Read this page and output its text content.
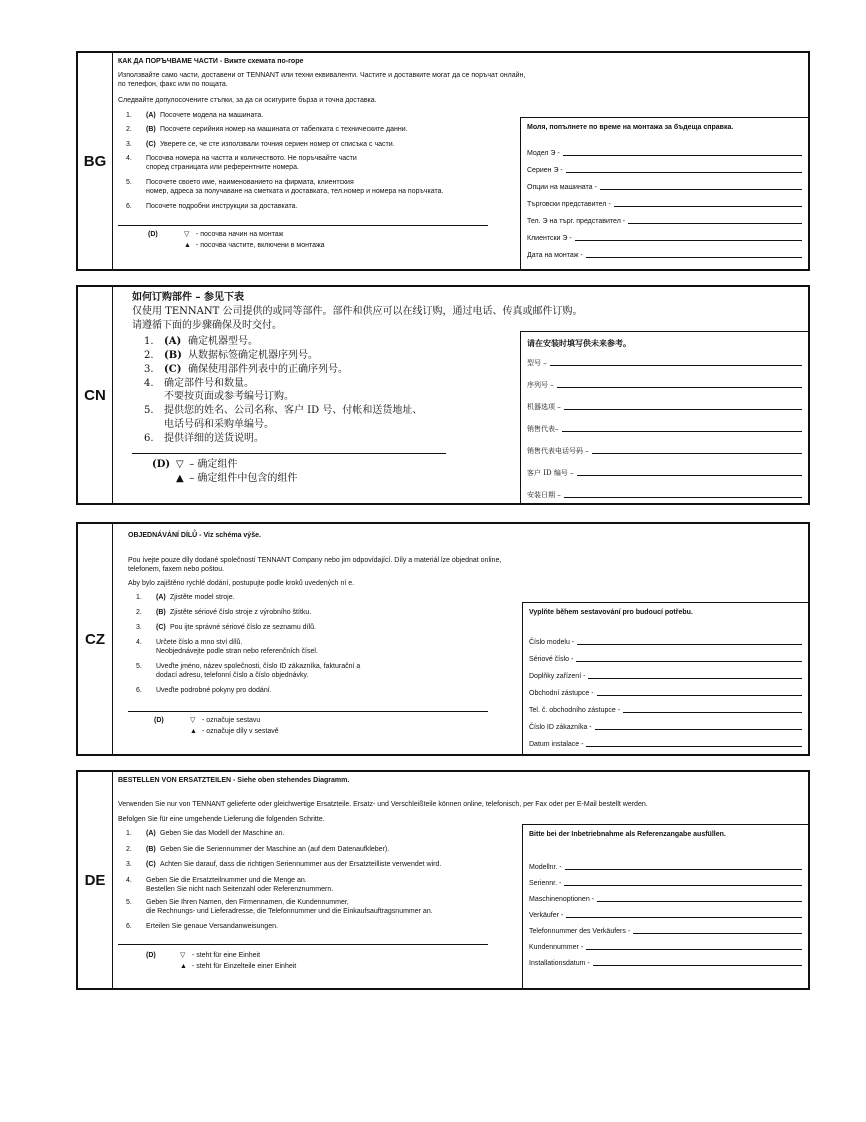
BG
КАК ДА ПОРЪЧВАМЕ ЧАСТИ - Вижте схемата по-горе
Използвайте само части, доставени от TENNANT или техни еквиваленти. Частите и доставките могат да се поръчат онлайн,
по телефон, факс или по пощата.
Следвайте допулосочените стъпки, за да си осигурите бърза и точна доставка.
1. (A) Посочете модела на машината.
2. (B) Посочете серийния номер на машината от табелката с техническите данни.
3. (C) Уверете се, че сте използвали точния сериен номер от списъка с части.
4. Посочва номера на частта и количеството. Не поръчвайте части
според страницата или референтните номера.
5. Посочете своето име, наименованието на фирмата, клиентския
номер, адреса за получаване на сметката и доставката, тел.номер и номера на поръчката.
6. Посочете подробни инструкции за доставката.
(D)	▽ - посочва начин на монтаж
▲ - посочва частите, включени в монтажа
Моля, попълнете по време на монтажа за бъдеща справка.
Модел Э -
Сериен Э -
Опции на машината -
Търговски представител -
Тел. Э на търг. представител -
Клиентски Э -
Дата на монтаж -
CN
如何订购部件 – 参见下表
仅使用 TENNANT 公司提供的或同等部件。部件和供应可以在线订购，通过电话、传真或邮件订购。
请遵循下面的步骤确保及时交付。
1. (A) 确定机器型号。
2. (B) 从数据标签确定机器序列号。
3. (C) 确保使用部件列表中的正确序列号。
4. 确定部件号和数量。
不要按页面或参考编号订购。
5. 提供您的姓名、公司名称、客户 ID 号、付帐和送货地址、
电话号码和采购单编号。
6. 提供详细的送货说明。
(D) ▽ – 确定组件
▲ – 确定组件中包含的组件
请在安装时填写供未来参考。
型号 –
序列号 –
机器选项 –
销售代表–
销售代表电话号码 –
客户 ID 编号 –
安装日期 –
CZ
OBJEDNÁVÁNÍ DÍLŮ - Viz schéma výše.
Pou ívejte pouze díly dodané společností TENNANT Company nebo jim odpovídající. Díly a materiál lze objednat online,
telefonem, faxem nebo poštou.
Aby bylo zajištěno rychlé dodání, postupujte podle kroků uvedených ní e.
1. (A) Zjistěte model stroje.
2. (B) Zjistěte sériové číslo stroje z výrobního štítku.
3. (C) Pou ijte správné sériové číslo ze seznamu dílů.
4. Určete číslo a mno ství dílů.
Neobjednávejte podle stran nebo referenčních čísel.
5. Uveďte jméno, název společnosti, číslo ID zákazníka, fakturační a
dodací adresu, telefonní číslo a číslo objednávky.
6. Uveďte podrobné pokyny pro dodání.
(D)	▽ - označuje sestavu
▲ - označuje díly v sestavě
Vyplňte během sestavování pro budoucí potřebu.
Číslo modelu -
Sériové číslo -
Doplňky zařízení -
Obchodní zástupce -
Tel. č. obchodního zástupce -
Číslo ID zákazníka -
Datum instalace -
DE
BESTELLEN VON ERSATZTEILEN - Siehe oben stehendes Diagramm.
Verwenden Sie nur von TENNANT gelieferte oder gleichwertige Ersatzteile. Ersatz- und Verschleißteile können online, telefonisch, per Fax oder per E-Mail bestellt werden.
Befolgen Sie für eine umgehende Lieferung die folgenden Schritte.
1. (A) Geben Sie das Modell der Maschine an.
2. (B) Geben Sie die Seriennummer der Maschine an (auf dem Datenaufkleber).
3. (C) Achten Sie darauf, dass die richtigen Seriennummer aus der Ersatzteilliste verwendet wird.
4. Geben Sie die Ersatzteilnummer und die Menge an.
Bestellen Sie nicht nach Seitenzahl oder Referenznummern.
5. Geben Sie Ihren Namen, den Firmennamen, die Kundennummer,
die Rechnungs- und Lieferadresse, die Telefonnummer und die Einkaufsauftragsnummer an.
6. Erteilen Sie genaue Versandanweisungen.
(D)	▽ - steht für eine Einheit
▲ - steht für Einzelteile einer Einheit
Bitte bei der Inbetriebnahme als Referenzangabe ausfüllen.
Modellnr. -
Seriennr. -
Maschinenoptionen -
Verkäufer -
Telefonnummer des Verkäufers -
Kundennummer -
Installationsdatum -
